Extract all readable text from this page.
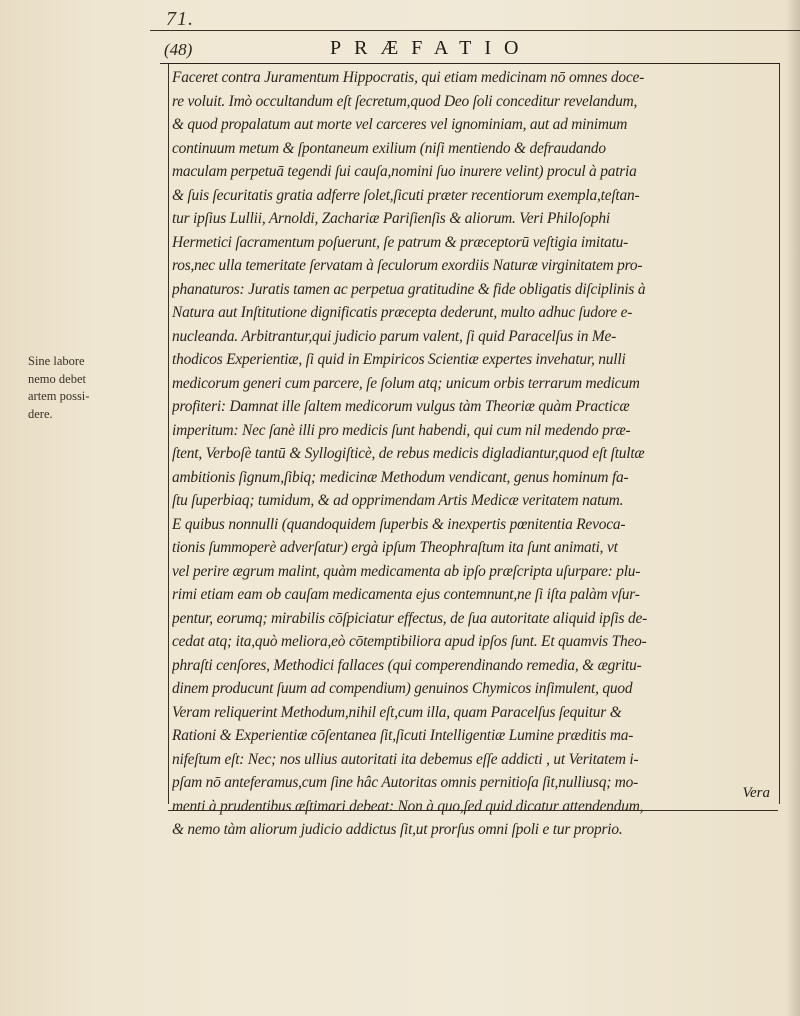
71.
(48)	PRÆFATIO
Sine labore
nemo debet
artem possi-
dere.
Faceret contra Juramentum Hippocratis, qui etiam medicinam nō omnes doce-
re voluit. Imò occultandum eſt ſecretum,quod Deo ſoli conceditur revelandum,
& quod propalatum aut morte vel carceres vel ignominiam, aut ad minimum
continuum metum & ſpontaneum exilium (niſi mentiendo & defraudando
maculam perpetuā tegendi ſui cauſa,nomini ſuo inurere velint) procul à patria
& ſuis ſecuritatis gratia adferre ſolet,ſicuti præter recentiorum exempla,teſtan-
tur ipſius Lullii, Arnoldi, Zachariæ Pariſienſis & aliorum. Veri Philoſophi
Hermetici ſacramentum poſuerunt, ſe patrum & præceptorū veſtigia imitatu-
ros,nec ulla temeritate ſervatam à ſeculorum exordiis Naturæ virginitatem pro-
phanaturos: Juratis tamen ac perpetua gratitudine & fide obligatis diſciplinis à
Natura aut Inſtitutione dignificatis præcepta dederunt, multo adhuc ſudore e-
nucleanda. Arbitrantur,qui judicio parum valent, ſi quid Paracelſus in Me-
thodicos Experientiæ, ſi quid in Empiricos Scientiæ expertes invehatur, nulli
medicorum generi cum parcere, ſe ſolum atq; unicum orbis terrarum medicum
profiteri: Damnat ille ſaltem medicorum vulgus tàm Theoriæ quàm Practicæ
imperitum: Nec ſanè illi pro medicis ſunt habendi, qui cum nil medendo præ-
ſtent, Verboſè tantū & Syllogiſticè, de rebus medicis digladiantur,quod eſt ſtultæ
ambitionis ſignum,ſibiq; medicinæ Methodum vendicant, genus hominum fa-
ſtu ſuperbiaq; tumidum, & ad opprimendam Artis Medicæ veritatem natum.
E quibus nonnulli (quandoquidem ſuperbis & inexpertis pœnitentia Revoca-
tionis ſummoperè adverſatur) ergà ipſum Theophraſtum ita ſunt animati, vt
vel perire ægrum malint, quàm medicamenta ab ipſo præſcripta uſurpare: plu-
rimi etiam eam ob cauſam medicamenta ejus contemnunt,ne ſi iſta palàm vſur-
pentur, eorumq; mirabilis cōſpiciatur effectus, de ſua autoritate aliquid ipſis de-
cedat atq; ita,quò meliora,eò cōtemptibiliora apud ipſos ſunt. Et quamvis Theo-
phraſti cenſores, Methodici fallaces (qui comperendinando remedia, & ægritu-
dinem producunt ſuum ad compendium) genuinos Chymicos inſimulent, quod
Veram reliquerint Methodum,nihil eſt,cum illa, quam Paracelſus ſequitur &
Rationi & Experientiæ cōſentanea ſit,ſicuti Intelligentiæ Lumine præditis ma-
nifeſtum eſt: Nec; nos ullius autoritati ita debemus eſſe addicti , ut Veritatem i-
pſam nō anteferamus,cum ſine hâc Autoritas omnis pernitioſa ſit,nulliusq; mo-
menti à prudentibus æſtimari debeat: Non à quo,ſed quid dicatur attendendum,
& nemo tàm aliorum judicio addictus ſit,ut prorſus omni ſpoli e tur proprio.
Vera
